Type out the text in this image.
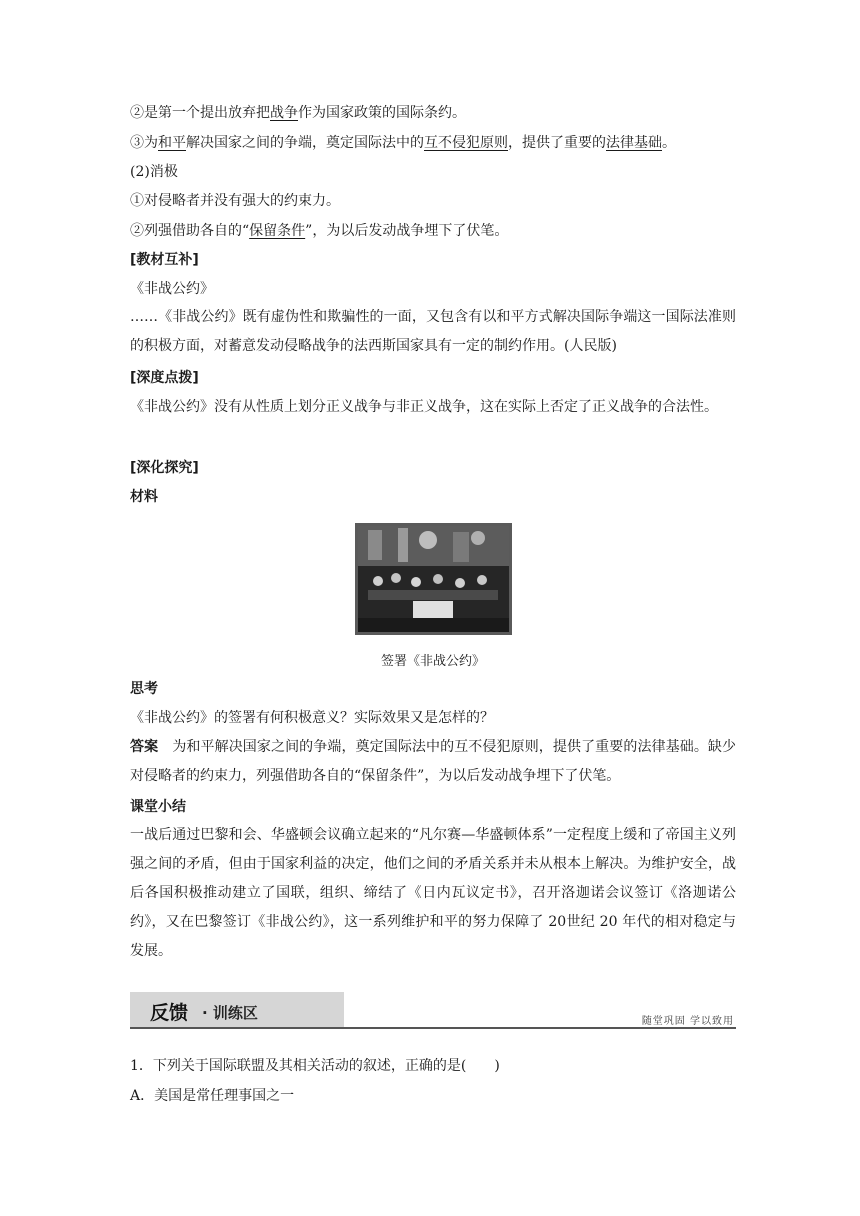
②是第一个提出放弃把战争作为国家政策的国际条约。
③为和平解决国家之间的争端，奠定国际法中的互不侵犯原则，提供了重要的法律基础。
(2)消极
①对侵略者并没有强大的约束力。
②列强借助各自的“保留条件”，为以后发动战争埋下了伏笔。
[教材互补]
《非战公约》
……《非战公约》既有虚伪性和欺骗性的一面，又包含有以和平方式解决国际争端这一国际法准则的积极方面，对蓄意发动侵略战争的法西斯国家具有一定的制约作用。(人民版)
[深度点拨]
《非战公约》没有从性质上划分正义战争与非正义战争，这在实际上否定了正义战争的合法性。
[深化探究]
材料
签署《非战公约》
思考
《非战公约》的签署有何积极意义？实际效果又是怎样的？
答案　 为和平解决国家之间的争端，奠定国际法中的互不侵犯原则，提供了重要的法律基础。缺少对侵略者的约束力，列强借助各自的“保留条件”，为以后发动战争埋下了伏笔。
课堂小结
一战后通过巴黎和会、华盛顿会议确立起来的“凡尔赛—华盛顿体系”一定程度上缓和了帝国主义列强之间的矛盾，但由于国家利益的决定，他们之间的矛盾关系并未从根本上解决。为维护安全，战后各国积极推动建立了国联，组织、缔结了《日内瓦议定书》，召开洛迦诺会议签订《洛迦诺公约》，又在巴黎签订《非战公约》，这一系列维护和平的努力保障了 20世纪 20 年代的相对稳定与发展。
反馈 · 训练区	随堂巩固 学以致用
1．下列关于国际联盟及其相关活动的叙述，正确的是(　　)
A．美国是常任理事国之一
